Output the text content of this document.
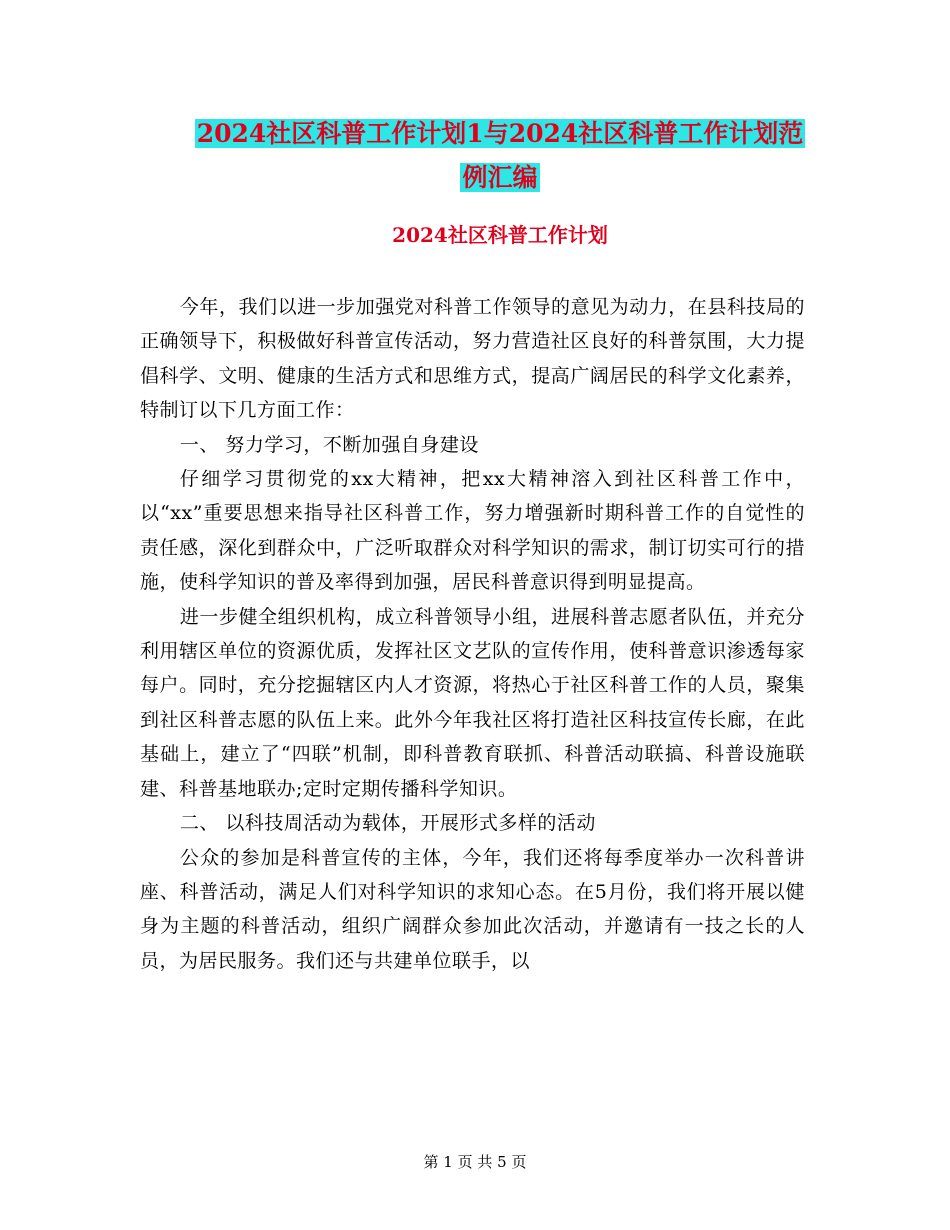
2024社区科普工作计划1与2024社区科普工作计划范
例汇编
2024社区科普工作计划

今年，我们以进一步加强党对科普工作领导的意见为动力，在县科技局的正确领导下，积极做好科普宣传活动，努力营造社区良好的科普氛围，大力提倡科学、文明、健康的生活方式和思维方式，提高广阔居民的科学文化素养，特制订以下几方面工作：

一、 努力学习，不断加强自身建设

仔细学习贯彻党的xx大精神，把xx大精神溶入到社区科普工作中，以“xx”重要思想来指导社区科普工作，努力增强新时期科普工作的自觉性的责任感，深化到群众中，广泛听取群众对科学知识的需求，制订切实可行的措施，使科学知识的普及率得到加强，居民科普意识得到明显提高。

进一步健全组织机构，成立科普领导小组，进展科普志愿者队伍，并充分利用辖区单位的资源优质，发挥社区文艺队的宣传作用，使科普意识渗透每家每户。同时，充分挖掘辖区内人才资源，将热心于社区科普工作的人员，聚集到社区科普志愿的队伍上来。此外今年我社区将打造社区科技宣传长廊，在此基础上，建立了“四联”机制，即科普教育联抓、科普活动联搞、科普设施联建、科普基地联办;定时定期传播科学知识。

二、 以科技周活动为载体，开展形式多样的活动

公众的参加是科普宣传的主体，今年，我们还将每季度举办一次科普讲座、科普活动，满足人们对科学知识的求知心态。在5月份，我们将开展以健身为主题的科普活动，组织广阔群众参加此次活动，并邀请有一技之长的人员，为居民服务。我们还与共建单位联手，以

第 1 页 共 5 页
